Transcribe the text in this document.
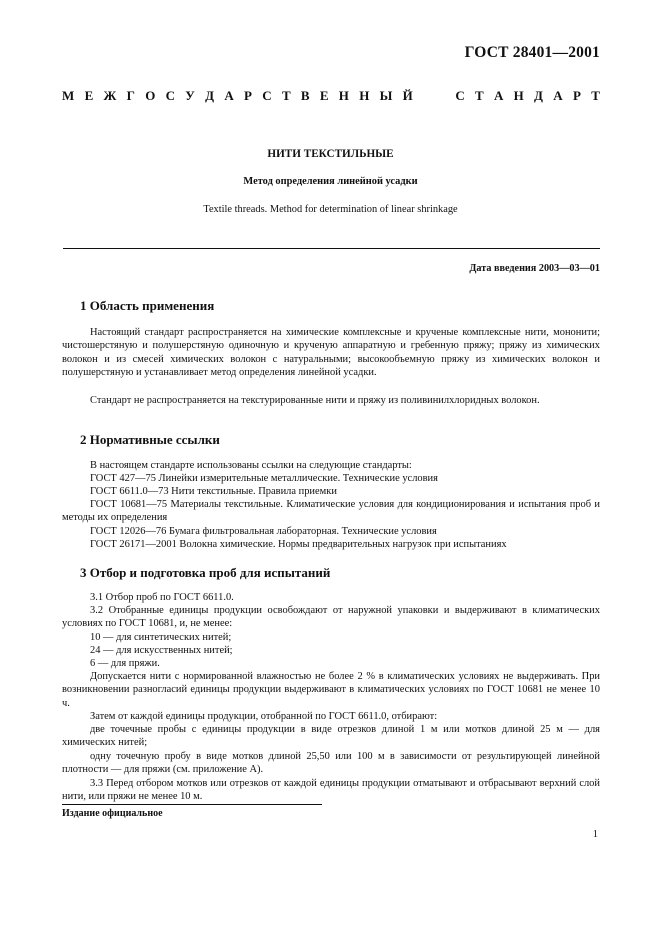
ГОСТ 28401—2001
М Е Ж Г О С У Д А Р С Т В Е Н Н Ы Й	С Т А Н Д А Р Т
НИТИ ТЕКСТИЛЬНЫЕ
Метод определения линейной усадки
Textile threads. Method for determination of linear shrinkage
Дата введения 2003—03—01
1 Область применения

Настоящий стандарт распространяется на химические комплексные и крученые комплексные нити, мононити; чистошерстяную и полушерстяную одиночную и крученую аппаратную и гребенную пряжу; пряжу из химических волокон и из смесей химических волокон с натуральными; высокообъемную пряжу из химических волокон и полушерстяную и устанавливает метод определения линейной усадки.

Стандарт не распространяется на текстурированные нити и пряжу из поливинилхлоридных волокон.

2 Нормативные ссылки
В настоящем стандарте использованы ссылки на следующие стандарты:
ГОСТ 427—75 Линейки измерительные металлические. Технические условия
ГОСТ 6611.0—73 Нити текстильные. Правила приемки

ГОСТ 10681—75 Материалы текстильные. Климатические условия для кондиционирования и испытания проб и методы их определения

ГОСТ 12026—76 Бумага фильтровальная лабораторная. Технические условия
ГОСТ 26171—2001 Волокна химические. Нормы предварительных нагрузок при испытаниях
3 Отбор и подготовка проб для испытаний
3.1 Отбор проб по ГОСТ 6611.0.

3.2 Отобранные единицы продукции освобождают от наружной упаковки и выдерживают в климатических условиях по ГОСТ 10681, и, не менее:

10 — для синтетических нитей;
24 — для искусственных нитей;
6 — для пряжи.

Допускается нити с нормированной влажностью не более 2 % в климатических условиях не выдерживать. При возникновении разногласий единицы продукции выдерживают в климатических условиях по ГОСТ 10681 не менее 10 ч.

Затем от каждой единицы продукции, отобранной по ГОСТ 6611.0, отбирают:

две точечные пробы с единицы продукции в виде отрезков длиной 1 м или мотков длиной 25 м — для химических нитей;

одну точечную пробу в виде мотков длиной 25,50 или 100 м в зависимости от результирующей линейной плотности — для пряжи (см. приложение А).

3.3 Перед отбором мотков или отрезков от каждой единицы продукции отматывают и отбрасывают верхний слой нити, или пряжи не менее 10 м.

Издание официальное
1
